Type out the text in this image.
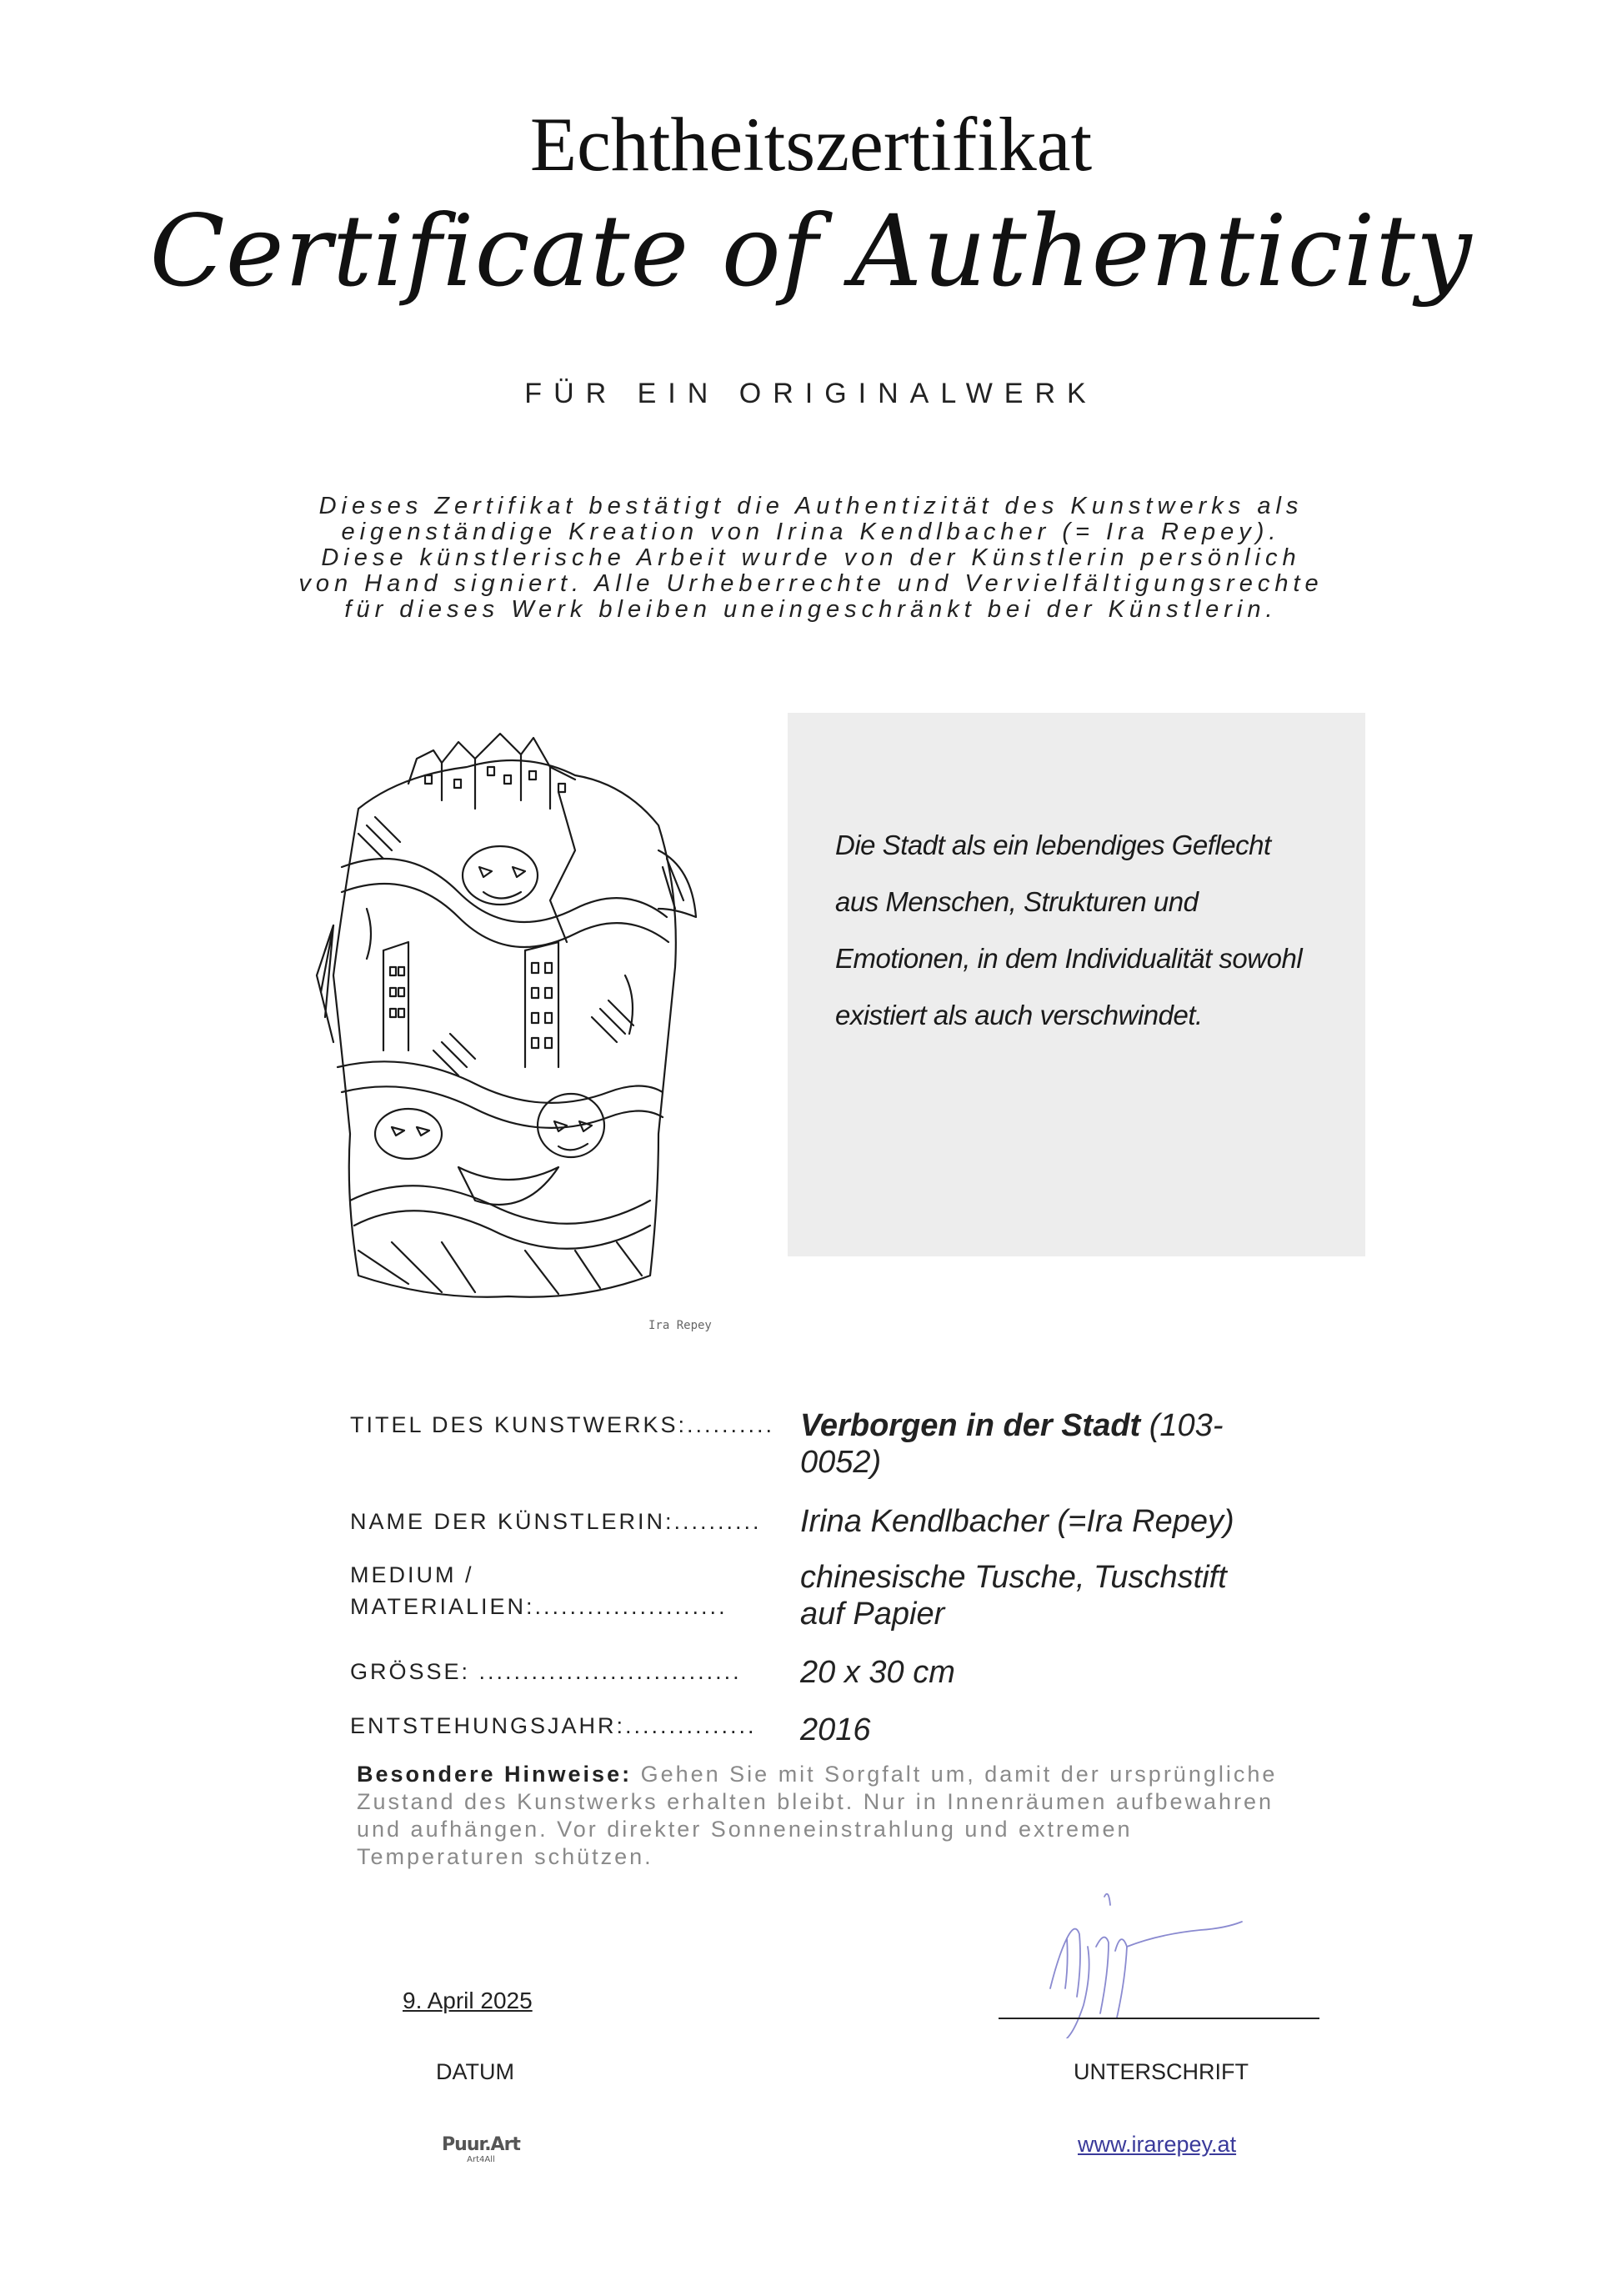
Echtheitszertifikat
Certificate of Authenticity
FÜR EIN ORIGINALWERK
Dieses Zertifikat bestätigt die Authentizität des Kunstwerks als
eigenständige Kreation von Irina Kendlbacher (= Ira Repey).
Diese künstlerische Arbeit wurde von der Künstlerin persönlich
von Hand signiert. Alle Urheberrechte und Vervielfältigungsrechte
für dieses Werk bleiben uneingeschränkt bei der Künstlerin.
Ira Repey
Die Stadt als ein lebendiges Geflecht
aus Menschen, Strukturen und
Emotionen, in dem Individualität sowohl
existiert als auch verschwindet.
TITEL DES KUNSTWERKS:.......... Verborgen in der Stadt (103-
0052)
NAME DER KÜNSTLERIN:.......... Irina Kendlbacher (=Ira Repey)
MEDIUM /
MATERIALIEN:......................
chinesische Tusche, Tuschstift
auf Papier
GRÖSSE: .............................. 20 x 30 cm
ENTSTEHUNGSJAHR:............... 2016
Besondere Hinweise: Gehen Sie mit Sorgfalt um, damit der ursprüngliche
Zustand des Kunstwerks erhalten bleibt. Nur in Innenräumen aufbewahren
und aufhängen. Vor direkter Sonneneinstrahlung und extremen
Temperaturen schützen.
9. April 2025
DATUM	UNTERSCHRIFT
Puur.Art
Art4All
www.irarepey.at
